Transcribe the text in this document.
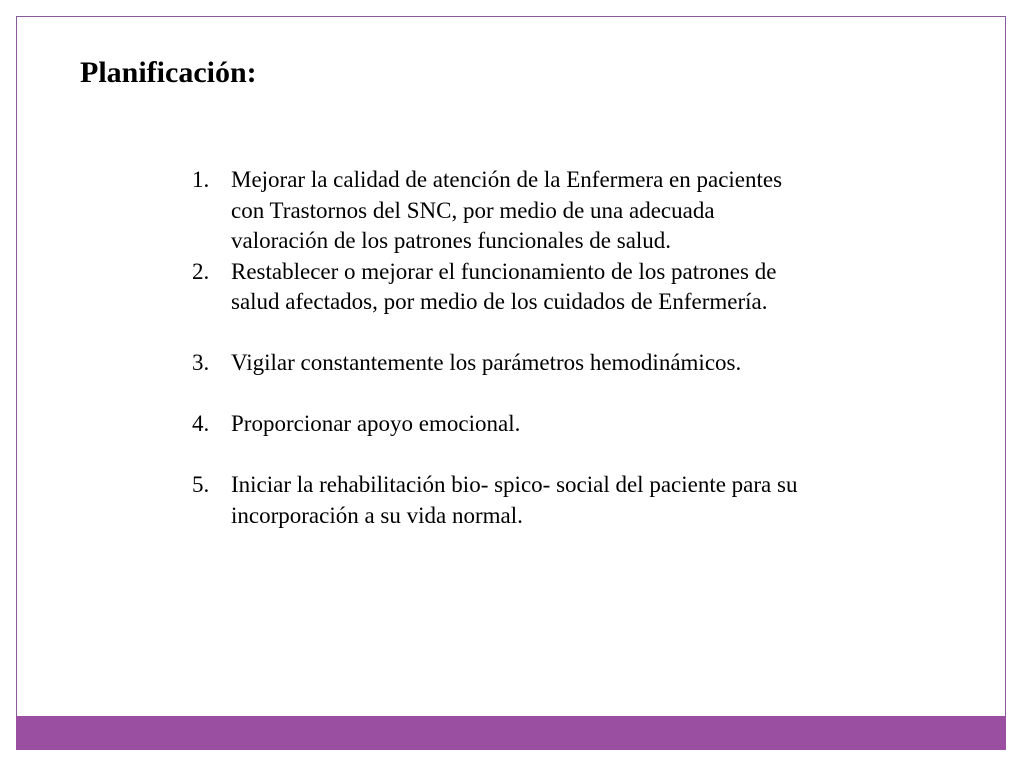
Planificación:
1. Mejorar la calidad de atención de la Enfermera en pacientes con Trastornos del SNC, por medio de una adecuada valoración de los patrones funcionales de salud.
2. Restablecer o mejorar el funcionamiento de los patrones de salud afectados, por medio de los cuidados de Enfermería.
3. Vigilar constantemente los parámetros hemodinámicos.
4. Proporcionar apoyo emocional.
5. Iniciar la rehabilitación bio- spico- social del paciente para su incorporación a su vida normal.
